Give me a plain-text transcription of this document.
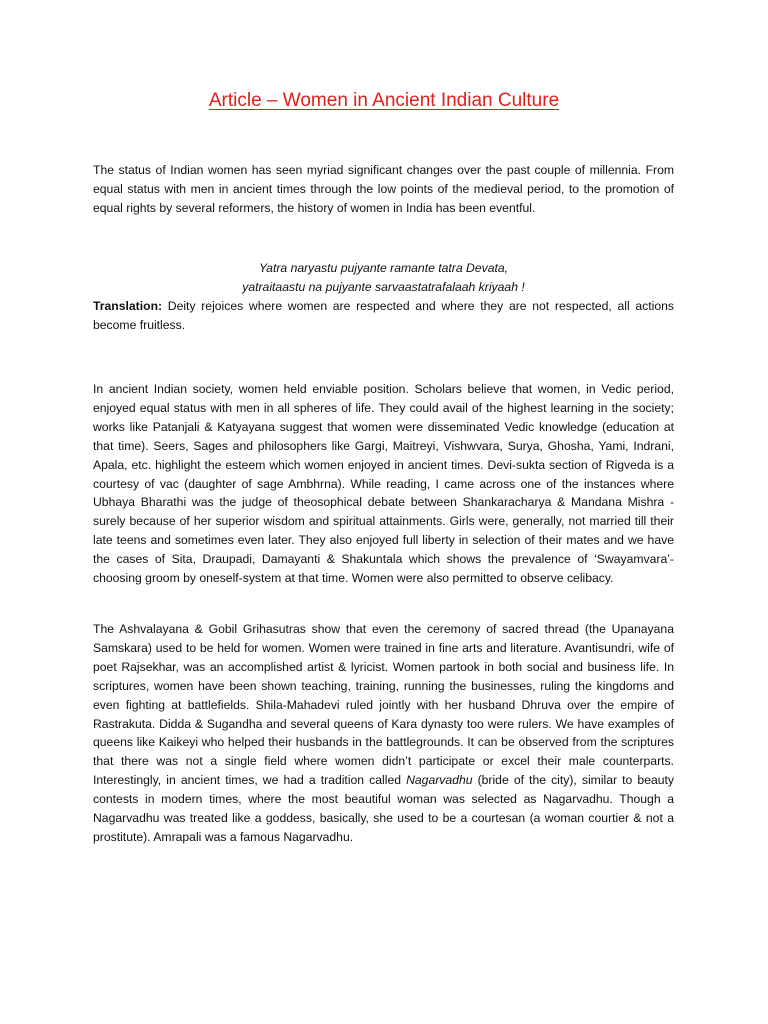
Article – Women in Ancient Indian Culture

The status of Indian women has seen myriad significant changes over the past couple of millennia. From equal status with men in ancient times through the low points of the medieval period, to the promotion of equal rights by several reformers, the history of women in India has been eventful.

Yatra naryastu pujyante ramante tatra Devata,
yatraitaastu na pujyante sarvaastatrafalaah kriyaah !

Translation: Deity rejoices where women are respected and where they are not respected, all actions become fruitless.

In ancient Indian society, women held enviable position. Scholars believe that women, in Vedic period, enjoyed equal status with men in all spheres of life. They could avail of the highest learning in the society; works like Patanjali & Katyayana suggest that women were disseminated Vedic knowledge (education at that time). Seers, Sages and philosophers like Gargi, Maitreyi, Vishwvara, Surya, Ghosha, Yami, Indrani, Apala, etc. highlight the esteem which women enjoyed in ancient times. Devi-sukta section of Rigveda is a courtesy of vac (daughter of sage Ambhrna). While reading, I came across one of the instances where Ubhaya Bharathi was the judge of theosophical debate between Shankaracharya & Mandana Mishra - surely because of her superior wisdom and spiritual attainments. Girls were, generally, not married till their late teens and sometimes even later. They also enjoyed full liberty in selection of their mates and we have the cases of Sita, Draupadi, Damayanti & Shakuntala which shows the prevalence of ‘Swayamvara’-choosing groom by oneself-system at that time. Women were also permitted to observe celibacy.

The Ashvalayana & Gobil Grihasutras show that even the ceremony of sacred thread (the Upanayana Samskara) used to be held for women. Women were trained in fine arts and literature. Avantisundri, wife of poet Rajsekhar, was an accomplished artist & lyricist. Women partook in both social and business life. In scriptures, women have been shown teaching, training, running the businesses, ruling the kingdoms and even fighting at battlefields. Shila-Mahadevi ruled jointly with her husband Dhruva over the empire of Rastrakuta. Didda & Sugandha and several queens of Kara dynasty too were rulers. We have examples of queens like Kaikeyi who helped their husbands in the battlegrounds. It can be observed from the scriptures that there was not a single field where women didn’t participate or excel their male counterparts. Interestingly, in ancient times, we had a tradition called Nagarvadhu (bride of the city), similar to beauty contests in modern times, where the most beautiful woman was selected as Nagarvadhu. Though a Nagarvadhu was treated like a goddess, basically, she used to be a courtesan (a woman courtier & not a prostitute). Amrapali was a famous Nagarvadhu.
